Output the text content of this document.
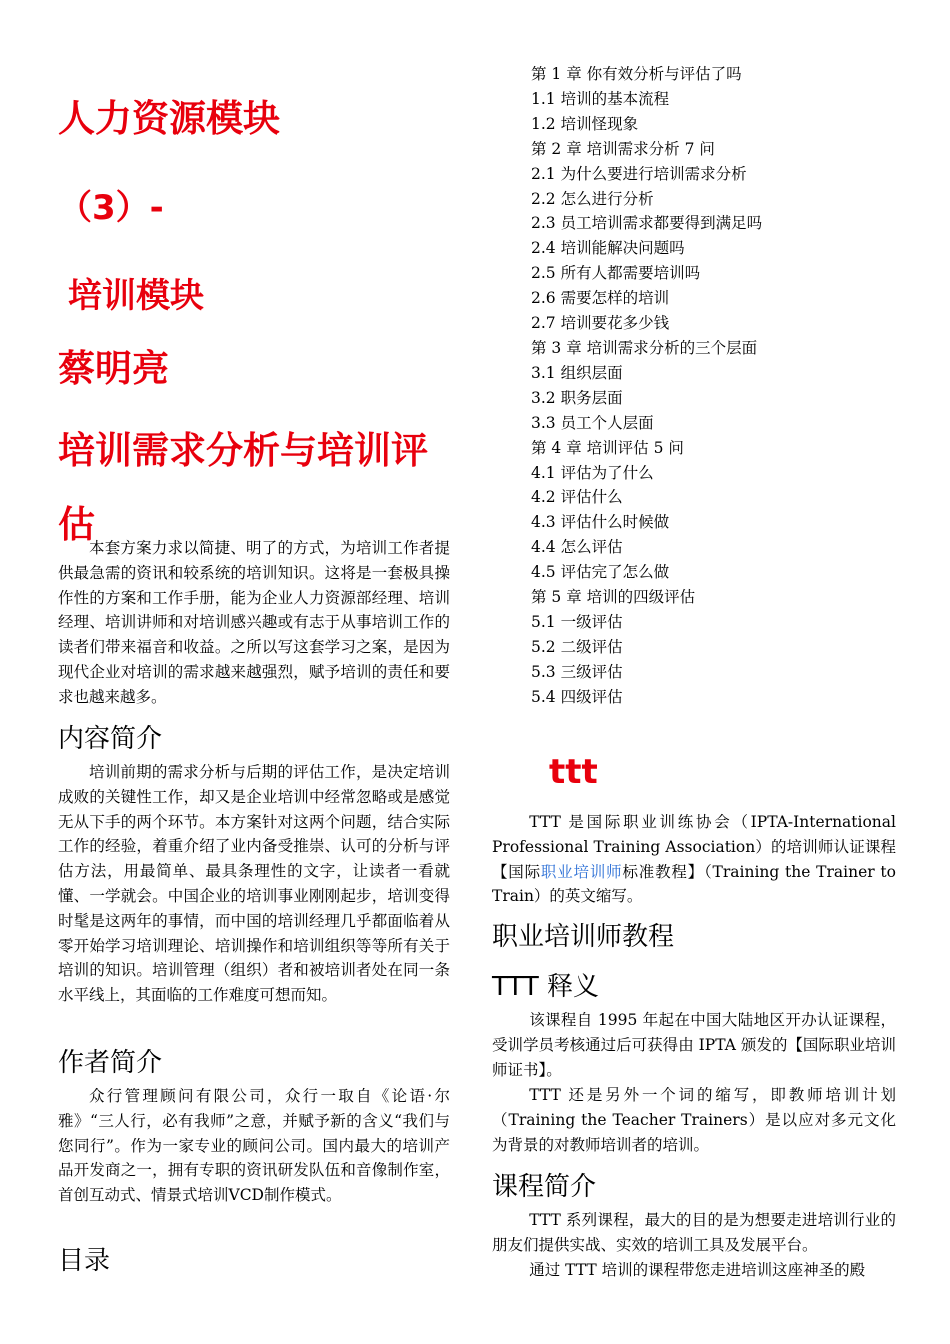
人力资源模块
（3）-
培训模块
蔡明亮
培训需求分析与培训评估

本套方案力求以简捷、明了的方式，为培训工作者提供最急需的资讯和较系统的培训知识。这将是一套极具操作性的方案和工作手册，能为企业人力资源部经理、培训经理、培训讲师和对培训感兴趣或有志于从事培训工作的读者们带来福音和收益。之所以写这套学习之案，是因为现代企业对培训的需求越来越强烈，赋予培训的责任和要求也越来越多。

内容简介

培训前期的需求分析与后期的评估工作，是决定培训成败的关键性工作，却又是企业培训中经常忽略或是感觉无从下手的两个环节。本方案针对这两个问题，结合实际工作的经验，着重介绍了业内备受推崇、认可的分析与评估方法，用最简单、最具条理性的文字，让读者一看就懂、一学就会。中国企业的培训事业刚刚起步，培训变得时髦是这两年的事情，而中国的培训经理几乎都面临着从零开始学习培训理论、培训操作和培训组织等等所有关于培训的知识。培训管理（组织）者和被培训者处在同一条水平线上，其面临的工作难度可想而知。

作者简介

众行管理顾问有限公司，众行一取自《论语·尔雅》“三人行，必有我师”之意，并赋予新的含义“我们与您同行”。作为一家专业的顾问公司。国内最大的培训产品开发商之一，拥有专职的资讯研发队伍和音像制作室，首创互动式、情景式培训VCD制作模式。

目录
第 1 章 你有效分析与评估了吗
1.1 培训的基本流程
1.2 培训怪现象
第 2 章 培训需求分析 7 问
2.1 为什么要进行培训需求分析
2.2 怎么进行分析
2.3 员工培训需求都要得到满足吗
2.4 培训能解决问题吗
2.5 所有人都需要培训吗
2.6 需要怎样的培训
2.7 培训要花多少钱
第 3 章 培训需求分析的三个层面
3.1 组织层面
3.2 职务层面
3.3 员工个人层面
第 4 章 培训评估 5 问
4.1 评估为了什么
4.2 评估什么
4.3 评估什么时候做
4.4 怎么评估
4.5 评估完了怎么做
第 5 章 培训的四级评估
5.1 一级评估
5.2 二级评估
5.3 三级评估
5.4 四级评估
ttt

TTT 是国际职业训练协会（IPTA-International Professional Training Association）的培训师认证课程【国际职业培训师标准教程】（Training the Trainer to Train）的英文缩写。

职业培训师教程
TTT 释义

该课程自 1995 年起在中国大陆地区开办认证课程，受训学员考核通过后可获得由 IPTA 颁发的【国际职业培训师证书】。

TTT 还是另外一个词的缩写，即教师培训计划（Training the Teacher Trainers）是以应对多元文化为背景的对教师培训者的培训。

课程简介

TTT 系列课程，最大的目的是为想要走进培训行业的朋友们提供实战、实效的培训工具及发展平台。

通过 TTT 培训的课程带您走进培训这座神圣的殿
